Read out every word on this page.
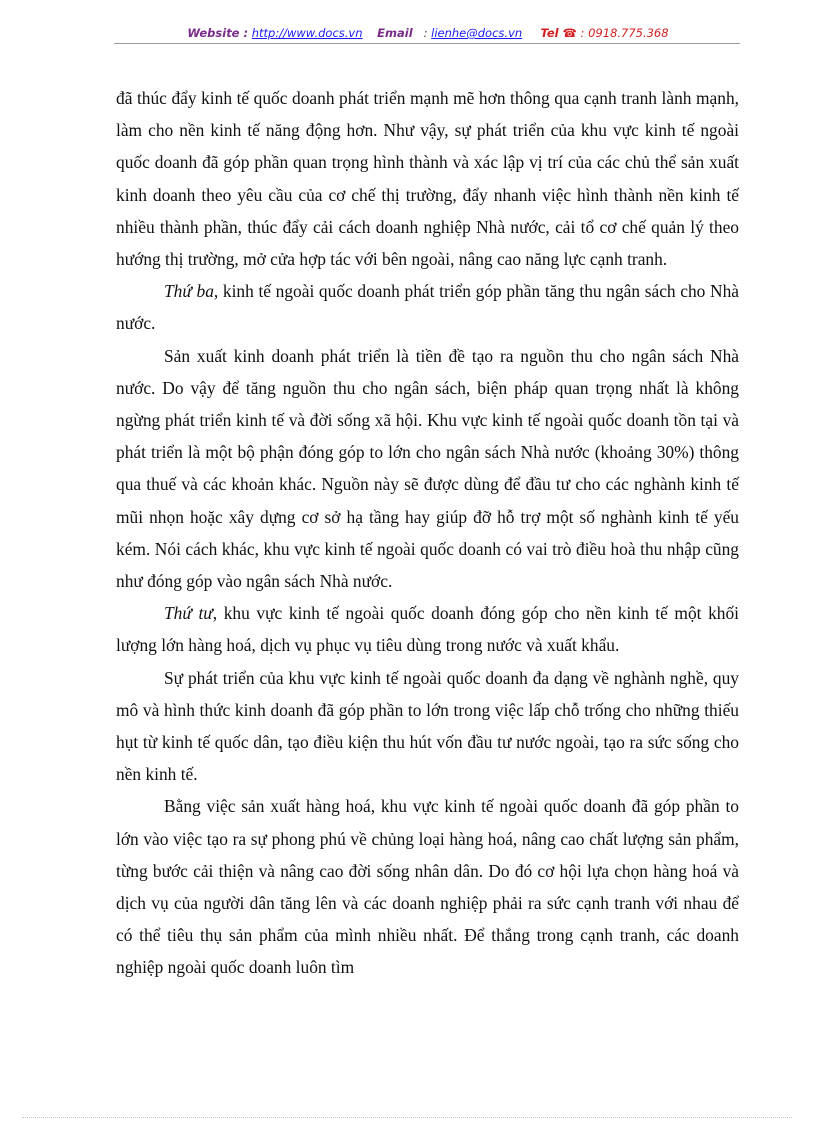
Website : http://www.docs.vn Email : lienhe@docs.vn Tel ☎ : 0918.775.368

đã thúc đẩy kinh tế quốc doanh phát triển mạnh mẽ hơn thông qua cạnh tranh lành mạnh, làm cho nền kinh tế năng động hơn. Như vậy, sự phát triển của khu vực kinh tế ngoài quốc doanh đã góp phần quan trọng hình thành và xác lập vị trí của các chủ thể sản xuất kinh doanh theo yêu cầu của cơ chế thị trường, đẩy nhanh việc hình thành nền kinh tế nhiều thành phần, thúc đẩy cải cách doanh nghiệp Nhà nước, cải tổ cơ chế quản lý theo hướng thị trường, mở cửa hợp tác với bên ngoài, nâng cao năng lực cạnh tranh.

Thứ ba, kinh tế ngoài quốc doanh phát triển góp phần tăng thu ngân sách cho Nhà nước.

Sản xuất kinh doanh phát triển là tiền đề tạo ra nguồn thu cho ngân sách Nhà nước. Do vậy để tăng nguồn thu cho ngân sách, biện pháp quan trọng nhất là không ngừng phát triển kinh tế và đời sống xã hội. Khu vực kinh tế ngoài quốc doanh tồn tại và phát triển là một bộ phận đóng góp to lớn cho ngân sách Nhà nước (khoảng 30%) thông qua thuế và các khoản khác. Nguồn này sẽ được dùng để đầu tư cho các nghành kinh tế mũi nhọn hoặc xây dựng cơ sở hạ tầng hay giúp đỡ hỗ trợ một số nghành kinh tế yếu kém. Nói cách khác, khu vực kinh tế ngoài quốc doanh có vai trò điều hoà thu nhập cũng như đóng góp vào ngân sách Nhà nước.

Thứ tư, khu vực kinh tế ngoài quốc doanh đóng góp cho nền kinh tế một khối lượng lớn hàng hoá, dịch vụ phục vụ tiêu dùng trong nước và xuất khẩu.

Sự phát triển của khu vực kinh tế ngoài quốc doanh đa dạng về nghành nghề, quy mô và hình thức kinh doanh đã góp phần to lớn trong việc lấp chỗ trống cho những thiếu hụt từ kinh tế quốc dân, tạo điều kiện thu hút vốn đầu tư nước ngoài, tạo ra sức sống cho nền kinh tế.

Bằng việc sản xuất hàng hoá, khu vực kinh tế ngoài quốc doanh đã góp phần to lớn vào việc tạo ra sự phong phú về chủng loại hàng hoá, nâng cao chất lượng sản phẩm, từng bước cải thiện và nâng cao đời sống nhân dân. Do đó cơ hội lựa chọn hàng hoá và dịch vụ của người dân tăng lên và các doanh nghiệp phải ra sức cạnh tranh với nhau để có thể tiêu thụ sản phẩm của mình nhiều nhất. Để thắng trong cạnh tranh, các doanh nghiệp ngoài quốc doanh luôn tìm
